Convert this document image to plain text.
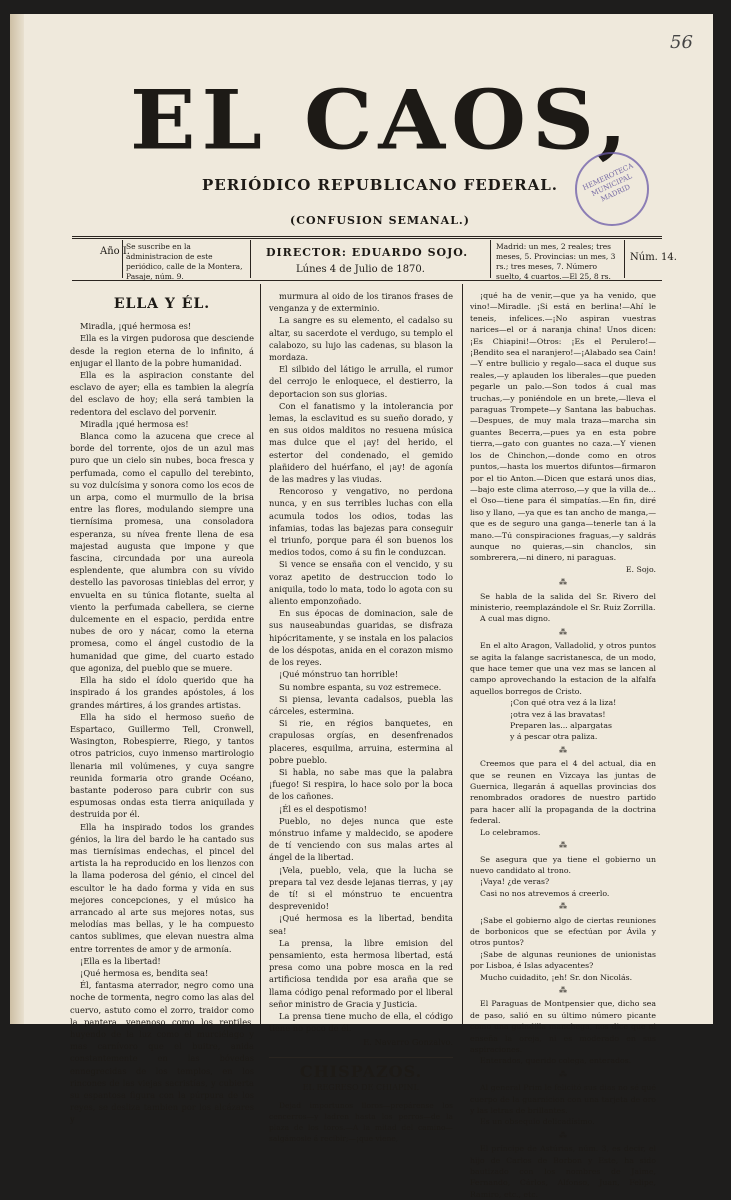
56
EL CAOS,
PERIÓDICO REPUBLICANO FEDERAL.
(CONFUSION SEMANAL.)
HEMEROTECA MUNICIPAL MADRID
Año I.
Se suscribe en la administracion de este periódico, calle de la Montera, Pasaje, núm. 9.
DIRECTOR: EDUARDO SOJO.
Lúnes 4 de Julio de 1870.
Madrid: un mes, 2 reales; tres meses, 5. Provincias: un mes, 3 rs.; tres meses, 7. Número suelto, 4 cuartos.—El 25, 8 rs.
Núm. 14.
ELLA Y ÉL.

Miradla, ¡qué hermosa es!

Ella es la virgen pudorosa que desciende desde la region eterna de lo infinito, á enjugar el llanto de la pobre humanidad.

Ella es la aspiracion constante del esclavo de ayer; ella es tambien la alegría del esclavo de hoy; ella será tambien la redentora del esclavo del porvenir.

Miradla ¡qué hermosa es!

Blanca como la azucena que crece al borde del torrente, ojos de un azul mas puro que un cielo sin nubes, boca fresca y perfumada, como el capullo del terebinto, su voz dulcísima y sonora como los ecos de un arpa, como el murmullo de la brisa entre las flores, modulando siempre una tiernísima promesa, una consoladora esperanza, su nívea frente llena de esa majestad augusta que impone y que fascina, circundada por una aureola esplendente, que alumbra con su vívido destello las pavorosas tinieblas del error, y envuelta en su túnica flotante, suelta al viento la perfumada cabellera, se cierne dulcemente en el espacio, perdida entre nubes de oro y nácar, como la eterna promesa, como el ángel custodio de la humanidad que gime, del cuarto estado que agoniza, del pueblo que se muere.

Ella ha sido el ídolo querido que ha inspirado á los grandes apóstoles, á los grandes mártires, á los grandes artistas.

Ella ha sido el hermoso sueño de Espartaco, Guillermo Tell, Cronwell, Wasington, Robespierre, Riego, y tantos otros patricios, cuyo inmenso martirologio llenaria mil volúmenes, y cuya sangre reunida formaria otro grande Océano, bastante poderoso para cubrir con sus espumosas ondas esta tierra aniquilada y destruida por él.

Ella ha inspirado todos los grandes génios, la lira del bardo le ha cantado sus mas tiernísimas endechas, el pincel del artista la ha reproducido en los lienzos con la llama poderosa del génio, el cincel del escultor le ha dado forma y vida en sus mejores concepciones, y el músico ha arrancado al arte sus mejores notas, sus melodías mas bellas, y le ha compuesto cantos sublimes, que elevan nuestra alma entre torrentes de amor y de armonía.

¡Ella es la libertad!

¡Qué hermosa es, bendita sea!

Él, fantasma aterrador, negro como una noche de tormenta, negro como las alas del cuervo, astuto como el zorro, traidor como la pantera, venenoso como los reptiles, huyendo de la luz como el murciélago y mas carnívoro que el buitre, anida constantemente en las bóvedas ennegrecidas de los templos, en los rincones de las viejas sacristías, y cubierta su espantosa figura con la púrpura de los reyes, se desliza tambien por los alcázares y

murmura al oido de los tiranos frases de venganza y de exterminio.

La sangre es su elemento, el cadalso su altar, su sacerdote el verdugo, su templo el calabozo, su lujo las cadenas, su blason la mordaza.

El silbido del látigo le arrulla, el rumor del cerrojo le enloquece, el destierro, la deportacion son sus glorias.

Con el fanatismo y la intolerancia por lemas, la esclavitud es su sueño dorado, y en sus oidos malditos no resuena música mas dulce que el ¡ay! del herido, el estertor del condenado, el gemido plañidero del huérfano, el ¡ay! de agonía de las madres y las viudas.

Rencoroso y vengativo, no perdona nunca, y en sus terribles luchas con ella acumula todos los odios, todas las infamias, todas las bajezas para conseguir el triunfo, porque para él son buenos los medios todos, como á su fin le conduzcan.

Si vence se ensaña con el vencido, y su voraz apetito de destruccion todo lo aniquila, todo lo mata, todo lo agota con su aliento emponzoñado.

En sus épocas de dominacion, sale de sus nauseabundas guaridas, se disfraza hipócritamente, y se instala en los palacios de los déspotas, anida en el corazon mismo de los reyes.

¡Qué mónstruo tan horrible!

Su nombre espanta, su voz estremece.

Si piensa, levanta cadalsos, puebla las cárceles, estermina.

Si rie, en régios banquetes, en crapulosas orgías, en desenfrenados placeres, esquilma, arruina, estermina al pobre pueblo.

Si habla, no sabe mas que la palabra ¡fuego! Si respira, lo hace solo por la boca de los cañones.

¡Él es el despotismo!

Pueblo, no dejes nunca que este mónstruo infame y maldecido, se apodere de tí venciendo con sus malas artes al ángel de la libertad.

¡Vela, pueblo, vela, que la lucha se prepara tal vez desde lejanas tierras, y ¡ay de tí! si el mónstruo te encuentra desprevenido!

¡Qué hermosa es la libertad, bendita sea!

La prensa, la libre emision del pensamiento, esta hermosa libertad, está presa como una pobre mosca en la red artificiosa tendida por esa araña que se llama código penal reformado por el liberal señor ministro de Gracia y Justicia.

La prensa tiene mucho de ella, el código tiene no poco de él.

E. Navarro Gonzalvo.

CHISPAZOS.

EL REGRESO DE CHIAPINI.

Dejad importunos lloros—prepárense los cencerros—y ladren hasta los perros—de la plaza de los toros.—A la mitad del camino—salgámosle á recibir;—¡que viene,

¡qué ha de venir,—que ya ha venido, que vino!—Miradle. ¡Si está en berlina!—Ahí le teneis, infelices.—¡No aspiran vuestras narices—el or á naranja china! Unos dicen: ¡Es Chiapini!—Otros: ¡Es el Perulero!—¡Bendito sea el naranjero!—¡Alabado sea Cain!—Y entre bullicio y regalo—saca el duque sus reales,—y aplauden los liberales—que pueden pegarle un palo.—Son todos á cual mas truchas,—y poniéndole en un brete,—lleva el paraguas Trompete—y Santana las babuchas.—Despues, de muy mala traza—marcha sin guantes Becerra,—pues ya en esta pobre tierra,—gato con guantes no caza.—Y vienen los de Chinchon,—donde como en otros puntos,—hasta los muertos difuntos—firmaron por el tio Anton.—Dicen que estará unos dias,—bajo este clima aterroso,—y que la villa de... el Oso—tiene para él simpatías.—En fin, diré liso y llano, —ya que es tan ancho de manga,—que es de seguro una ganga—tenerle tan á la mano.—Tú conspiraciones fraguas,—y saldrás aunque no quieras,—sin chanclos, sin sombrerera,—ni dinero, ni paraguas.

E. Sojo.

⁂

Se habla de la salida del Sr. Rivero del ministerio, reemplazándole el Sr. Ruiz Zorrilla.

A cual mas digno.

⁂

En el alto Aragon, Valladolid, y otros puntos se agita la falange sacristanesca, de un modo, que hace temer que una vez mas se lancen al campo aprovechando la estacion de la alfalfa aquellos borregos de Cristo.

¡Con qué otra vez á la liza!

¡otra vez á las bravatas!

Preparen las... alpargatas

y á pescar otra paliza.

⁂

Creemos que para el 4 del actual, dia en que se reunen en Vizcaya las juntas de Guernica, llegarán á aquellas provincias dos renombrados oradores de nuestro partido para hacer allí la propaganda de la doctrina federal.

Lo celebramos.

⁂

Se asegura que ya tiene el gobierno un nuevo candidato al trono.

¡Vaya! ¿de veras?

Casi no nos atrevemos á creerlo.

⁂

¡Sabe el gobierno algo de ciertas reuniones de borbonicos que se efectúan por Ávila y otros puntos?

¡Sabe de algunas reuniones de unionistas por Lisboa, é Islas adyacentes?

Mucho cuidadito, ¡eh! Sr. don Nicolás.

⁂

El Paraguas de Montpensier que, dicho sea de paso, salió en su último número picante como una guindilla manchega, nos dice que ni enseña la oreja, ni es moderado en sus aspiraciones.

Enterados, querido colega, enterados.

⁂

Al general Prim le felicitó sus dias no sé qué cuerpo de la guarnicion con una tarjeta de oro y las letras de brillantes.

Es un obsequio delicadísimo.

⁂

El príncipe de Astúrias, núm. 3, es decir, el hijo de Carlos de Borbon y Este, ha sido bautizado con los nombres de Jaime, Fernando, Cárlos, Alfonso, Juan, Felipe, Ramiro, etc., etc.
